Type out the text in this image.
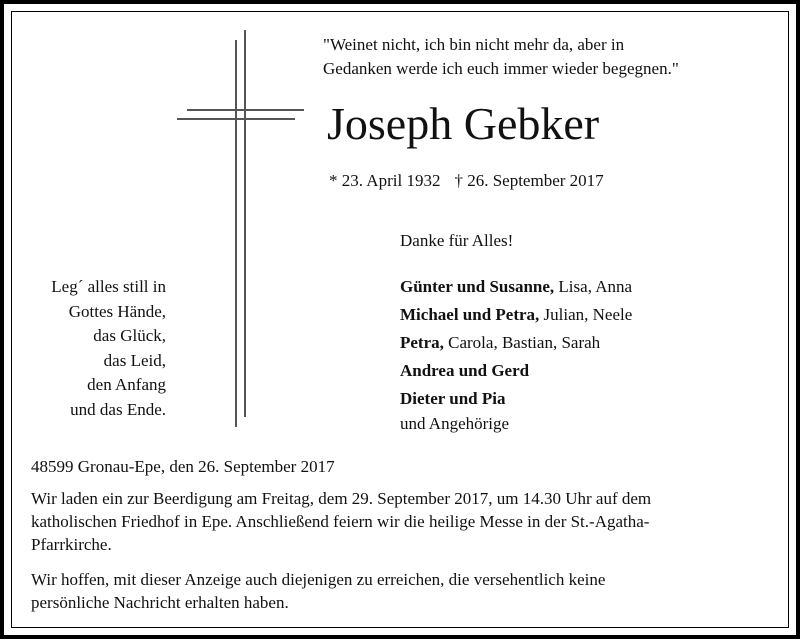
"Weinet nicht, ich bin nicht mehr da, aber in
Gedanken werde ich euch immer wieder begegnen."
Joseph Gebker
* 23. April 1932 † 26. September 2017
Danke für Alles!
Leg´ alles still in
Gottes Hände,
das Glück,
das Leid,
den Anfang
und das Ende.
Günter und Susanne, Lisa, Anna
Michael und Petra, Julian, Neele
Petra, Carola, Bastian, Sarah
Andrea und Gerd
Dieter und Pia
und Angehörige
48599 Gronau-Epe, den 26. September 2017
Wir laden ein zur Beerdigung am Freitag, dem 29. September 2017, um 14.30 Uhr auf dem
katholischen Friedhof in Epe. Anschließend feiern wir die heilige Messe in der St.-Agatha-
Pfarrkirche.
Wir hoffen, mit dieser Anzeige auch diejenigen zu erreichen, die versehentlich keine
persönliche Nachricht erhalten haben.
